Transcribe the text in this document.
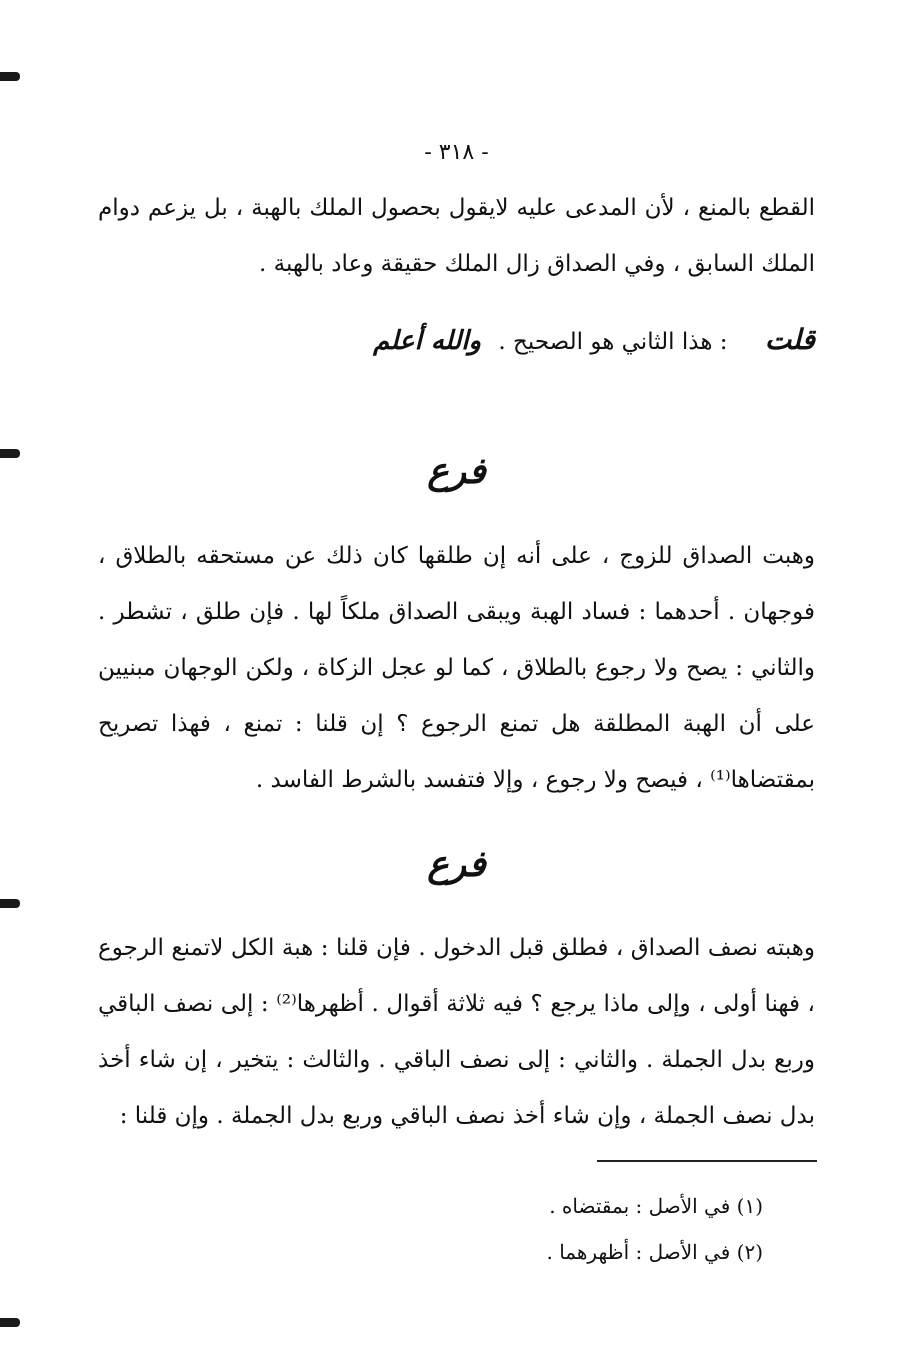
- ٣١٨ -

القطع بالمنع ، لأن المدعى عليه لايقول بحصول الملك بالهبة ، بل يزعم دوام الملك السابق ، وفي الصداق زال الملك حقيقة وعاد بالهبة .

قلت : هذا الثاني هو الصحيح . والله أعلم
فرع

وهبت الصداق للزوج ، على أنه إن طلقها كان ذلك عن مستحقه بالطلاق ، فوجهان . أحدهما : فساد الهبة ويبقى الصداق ملكاً لها . فإن طلق ، تشطر . والثاني : يصح ولا رجوع بالطلاق ، كما لو عجل الزكاة ، ولكن الوجهان مبنيين على أن الهبة المطلقة هل تمنع الرجوع ؟ إن قلنا : تمنع ، فهذا تصريح بمقتضاها⁽¹⁾ ، فيصح ولا رجوع ، وإلا فتفسد بالشرط الفاسد .

فرع

وهبته نصف الصداق ، فطلق قبل الدخول . فإن قلنا : هبة الكل لاتمنع الرجوع ، فهنا أولى ، وإلى ماذا يرجع ؟ فيه ثلاثة أقوال . أظهرها⁽²⁾ : إلى نصف الباقي وربع بدل الجملة . والثاني : إلى نصف الباقي . والثالث : يتخير ، إن شاء أخذ بدل نصف الجملة ، وإن شاء أخذ نصف الباقي وربع بدل الجملة . وإن قلنا :

(١) في الأصل : بمقتضاه .
(٢) في الأصل : أظهرهما .
